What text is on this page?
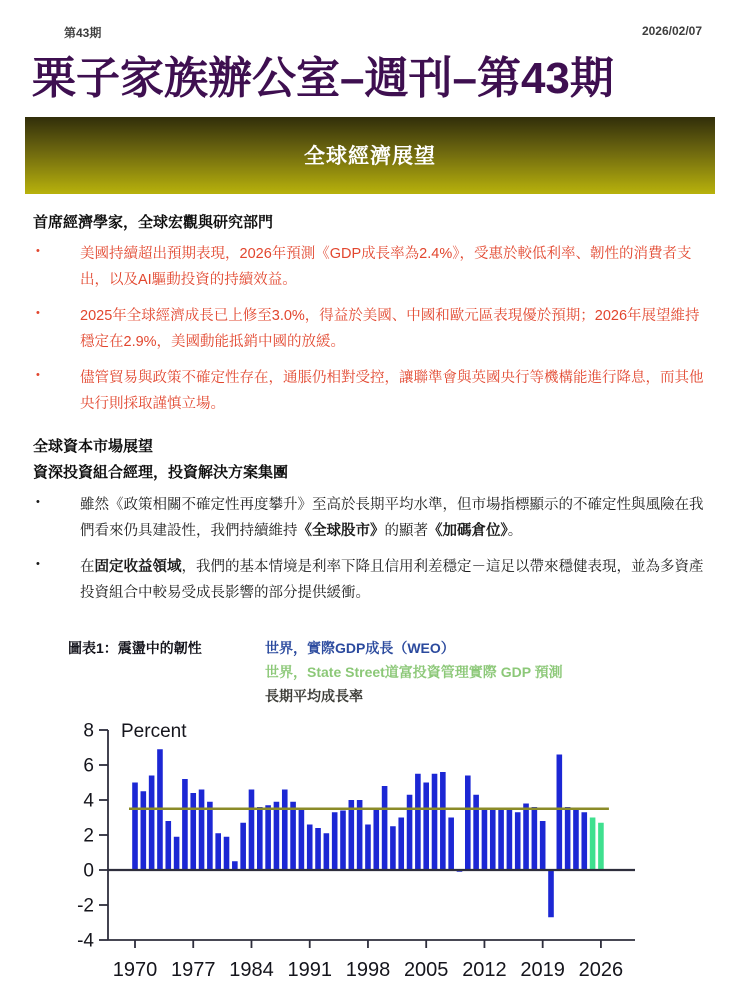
第43期	2026/02/07
栗子家族辦公室–週刊–第43期
全球經濟展望
首席經濟學家，全球宏觀與研究部門
• 美國持續超出預期表現，2026年預測《GDP成長率為2.4%》，受惠於較低利率、韌性的消費者支出，以及AI驅動投資的持續效益。
• 2025年全球經濟成長已上修至3.0%，得益於美國、中國和歐元區表現優於預期；2026年展望維持穩定在2.9%，美國動能抵銷中國的放緩。
• 儘管貿易與政策不確定性存在，通脹仍相對受控，讓聯準會與英國央行等機構能進行降息，而其他央行則採取謹慎立場。
全球資本市場展望
資深投資組合經理，投資解決方案集團
• 雖然《政策相關不確定性再度攀升》至高於長期平均水準，但市場指標顯示的不確定性與風險在我們看來仍具建設性，我們持續維持《全球股市》的顯著《加碼倉位》。
• 在固定收益領域，我們的基本情境是利率下降且信用利差穩定－這足以帶來穩健表現，並為多資產投資組合中較易受成長影響的部分提供緩衝。
圖表1：震盪中的韌性	世界，實際GDP成長（WEO）
世界，State Street道富投資管理實際 GDP 預測
長期平均成長率
-4
-2
0
2
4
6
8 Percent
1970 1977 1984 1991 1998 2005 2012 2019 2026
